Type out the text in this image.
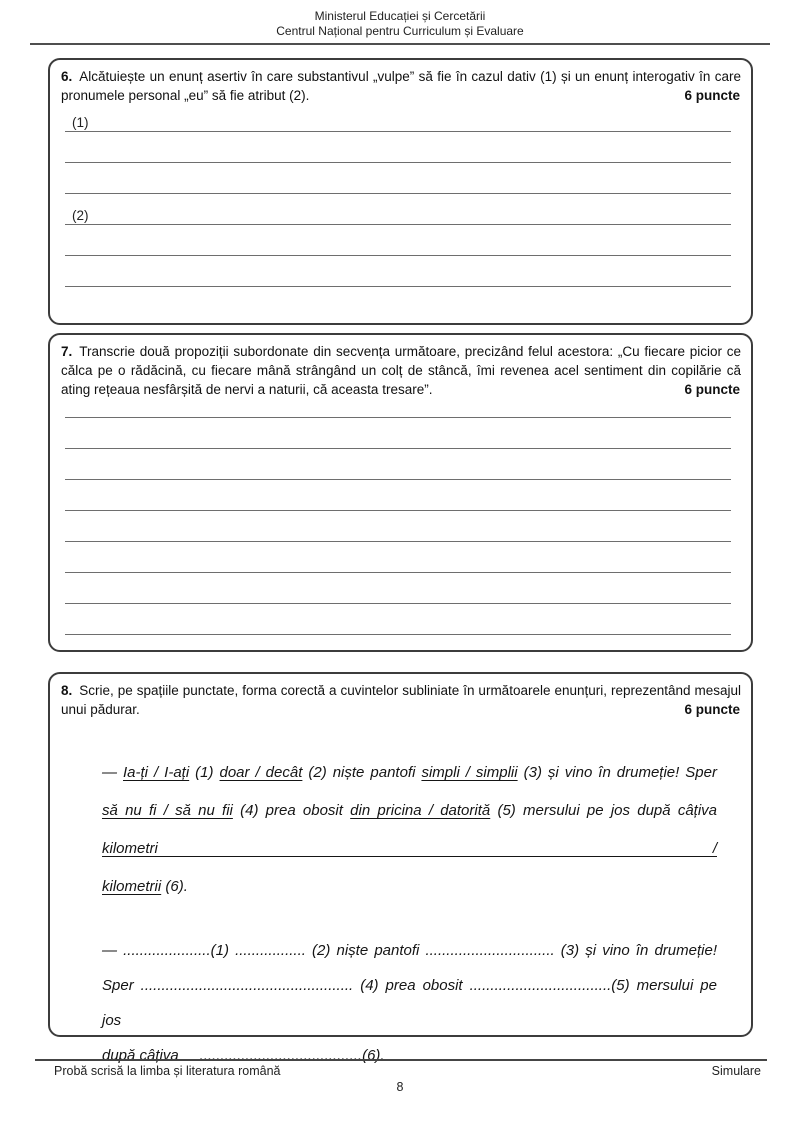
Ministerul Educației și Cercetării
Centrul Național pentru Curriculum și Evaluare

6. Alcătuiește un enunț asertiv în care substantivul „vulpe” să fie în cazul dativ (1) și un enunț interogativ în care pronumele personal „eu” să fie atribut (2).	6 puncte

(1)
(2)

7. Transcrie două propoziții subordonate din secvența următoare, precizând felul acestora: „Cu fiecare picior ce călca pe o rădăcină, cu fiecare mână strângând un colț de stâncă, îmi revenea acel sentiment din copilărie că ating rețeaua nesfârșită de nervi a naturii, că aceasta tresare”.	6 puncte

8. Scrie, pe spațiile punctate, forma corectă a cuvintelor subliniate în următoarele enunțuri, reprezentând mesajul unui pădurar.	6 puncte

— Ia-ți / I-ați (1) doar / decât (2) niște pantofi simpli / simplii (3) și vino în drumeție! Sper
să nu fi / să nu fii (4) prea obosit din pricina / datorită (5) mersului pe jos după câțiva kilometri /
kilometrii (6).
— .....................(1) ................. (2) niște pantofi ............................... (3) și vino în drumeție!
Sper ................................................... (4) prea obosit ..................................(5) mersului pe jos
după câțiva     .......................................(6).
Probă scrisă la limba și literatura română	Simulare
8
